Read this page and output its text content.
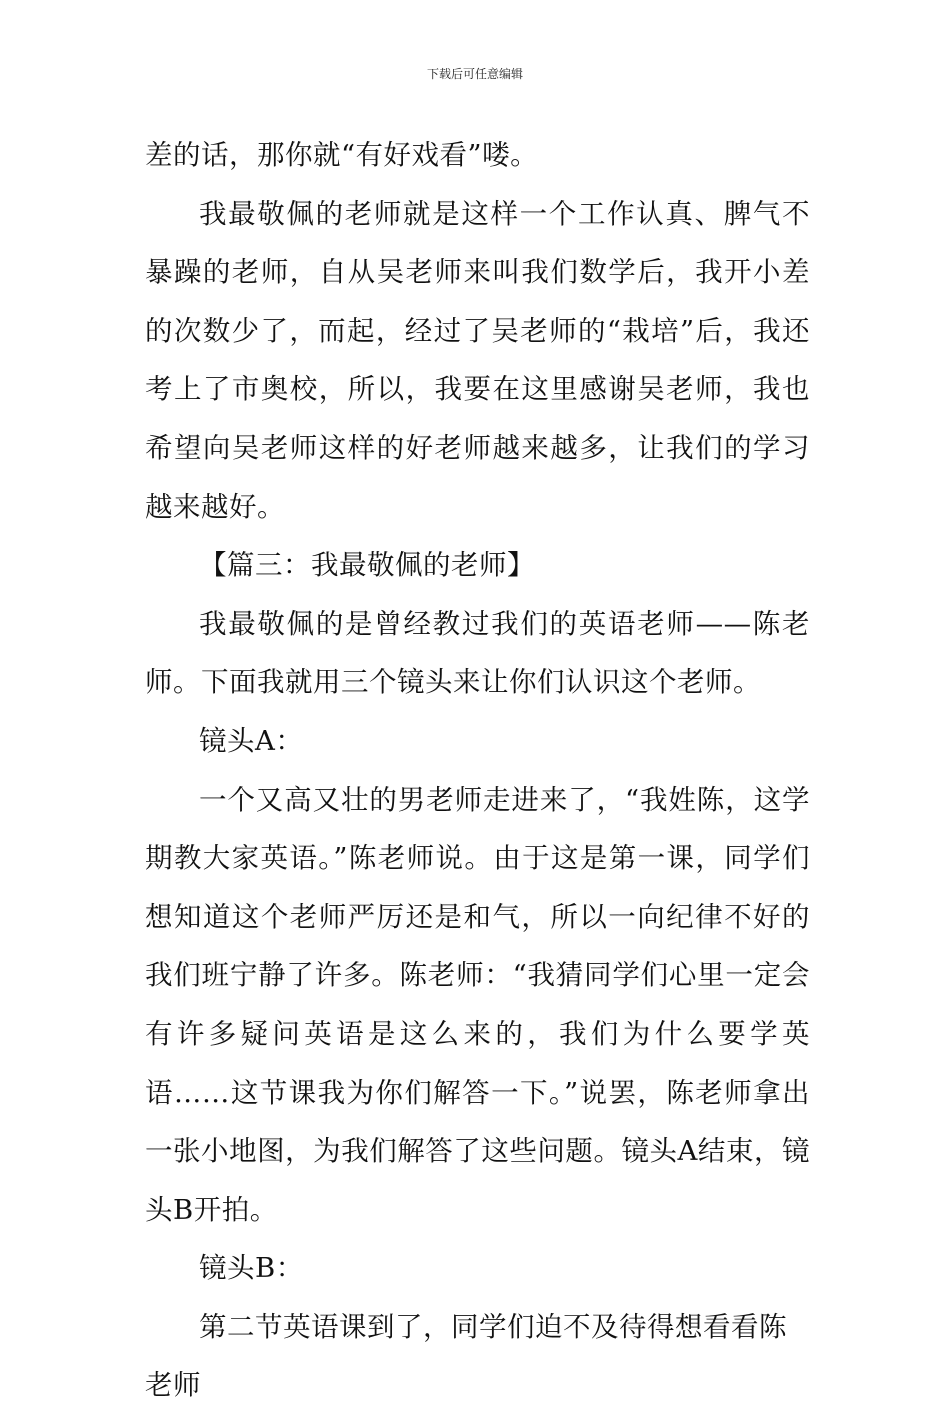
下载后可任意编辑

差的话，那你就“有好戏看”喽。

我最敬佩的老师就是这样一个工作认真、脾气不暴躁的老师，自从吴老师来叫我们数学后，我开小差的次数少了，而起，经过了吴老师的“栽培”后，我还考上了市奥校，所以，我要在这里感谢吴老师，我也希望向吴老师这样的好老师越来越多，让我们的学习越来越好。

【篇三：我最敬佩的老师】

我最敬佩的是曾经教过我们的英语老师——陈老师。下面我就用三个镜头来让你们认识这个老师。

镜头A：

一个又高又壮的男老师走进来了，“我姓陈，这学期教大家英语。”陈老师说。由于这是第一课，同学们想知道这个老师严厉还是和气，所以一向纪律不好的我们班宁静了许多。陈老师：“我猜同学们心里一定会有许多疑问英语是这么来的，我们为什么要学英语……这节课我为你们解答一下。”说罢，陈老师拿出一张小地图，为我们解答了这些问题。镜头A结束，镜头B开拍。

镜头B：

第二节英语课到了，同学们迫不及待得想看看陈老师
